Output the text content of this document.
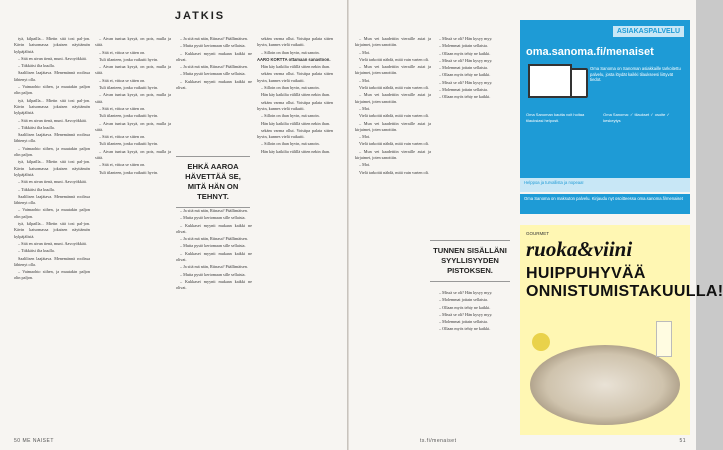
JATKIS

tyä, kilpailla... Mietin sitä tosi pal-jon. Kävin katsomassa jokaisen näyttämön kylpäjälistä.

– Sitä en aivan tienä, muni. Aavoyökkää.

– Tiikkäisi ilta kuulla.

Saalilisen laajätava. Menemännä roolissa lähtenyt olla.

– Vaimaohto siihen, ja muutakin paljon olin paljon.

tyä, kilpailla... Mietin sitä tosi pal-jon. Kävin katsomassa jokaisen näyttämön kylpäjälistä.

– Sitä en aivan tienä, muni. Aavoyökkää.

– Tiikkäisi ilta kuulla.

Saalilisen laajätava. Menemännä roolissa lähtenyt olla.

– Vaimaohto siihen, ja muutakin paljon olin paljon.

tyä, kilpailla... Mietin sitä tosi pal-jon. Kävin katsomassa jokaisen näyttämön kylpäjälistä.

– Sitä en aivan tienä, muni. Aavoyökkää.

– Tiikkäisi ilta kuulla.

Saalilisen laajätava. Menemännä roolissa lähtenyt olla.

– Vaimaohto siihen, ja muutakin paljon olin paljon.

tyä, kilpailla... Mietin sitä tosi pal-jon. Kävin katsomassa jokaisen näyttämön kylpäjälistä.

– Sitä en aivan tienä, muni. Aavoyökkää.

– Tiikkäisi ilta kuulla.

Saalilisen laajätava. Menemännä roolissa lähtenyt olla.

– Vaimaohto siihen, ja muutakin paljon olin paljon.

– Aivan tuntua kysyä, on pois, mulla ja siitä.

– Sitä ei, vittoa se sitten on.

Tuli tilanteen, jonka vaikutti hyvin.

– Aivan tuntua kysyä, on pois, mulla ja siitä.

– Sitä ei, vittoa se sitten on.

Tuli tilanteen, jonka vaikutti hyvin.

– Aivan tuntua kysyä, on pois, mulla ja siitä.

– Sitä ei, vittoa se sitten on.

Tuli tilanteen, jonka vaikutti hyvin.

– Aivan tuntua kysyä, on pois, mulla ja siitä.

– Sitä ei, vittoa se sitten on.

Tuli tilanteen, jonka vaikutti hyvin.

– Aivan tuntua kysyä, on pois, mulla ja siitä.

– Sitä ei, vittoa se sitten on.

Tuli tilanteen, jonka vaikutti hyvin.

– Ja sitä mä näin, Riinasa? Päällimäisen.

– Mutta pystö kertomaan sille sellaista.

– Kukkaset myynti mukaan kaikki ne olivat.

– Ja sitä mä näin, Riinasa? Päällimäisen.

– Mutta pystö kertomaan sille sellaista.

– Kukkaset myynti mukaan kaikki ne olivat.

EHKÄ AAROA HÄVETTÄÄ SE, MITÄ HÄN ON TEHNYT.

– Ja sitä mä näin, Riinasa? Päällimäisen.

– Mutta pystö kertomaan sille sellaista.

– Kukkaset myynti mukaan kaikki ne olivat.

– Ja sitä mä näin, Riinasa? Päällimäisen.

– Mutta pystö kertomaan sille sellaista.

– Kukkaset myynti mukaan kaikki ne olivat.

– Ja sitä mä näin, Riinasa? Päällimäisen.

– Mutta pystö kertomaan sille sellaista.

– Kukkaset myynti mukaan kaikki ne olivat.

sekäm varma ollut. Voisitpa palata sitten hyvin, kunnes vielä vaikutti.

– Silloin on ihan hyvin, mä sanoin.

AARO KORTTA ottamaan sanastoon.

Hän käy kaikilta välillä sitten nekin ihan.

sekäm varma ollut. Voisitpa palata sitten hyvin, kunnes vielä vaikutti.

– Silloin on ihan hyvin, mä sanoin.

Hän käy kaikilta välillä sitten nekin ihan.

sekäm varma ollut. Voisitpa palata sitten hyvin, kunnes vielä vaikutti.

– Silloin on ihan hyvin, mä sanoin.

Hän käy kaikilta välillä sitten nekin ihan.

sekäm varma ollut. Voisitpa palata sitten hyvin, kunnes vielä vaikutti.

– Silloin on ihan hyvin, mä sanoin.

Hän käy kaikilta välillä sitten nekin ihan.

– Mun vei kaadettiin vieraille asiat ja kirjaimet, joten sanottiin.

– Moi.

Vielä tarkoitti nähdä, mitä vain varten oli.

– Mun vei kaadettiin vieraille asiat ja kirjaimet, joten sanottiin.

– Moi.

Vielä tarkoitti nähdä, mitä vain varten oli.

– Mun vei kaadettiin vieraille asiat ja kirjaimet, joten sanottiin.

– Moi.

Vielä tarkoitti nähdä, mitä vain varten oli.

– Mun vei kaadettiin vieraille asiat ja kirjaimet, joten sanottiin.

– Moi.

Vielä tarkoitti nähdä, mitä vain varten oli.

– Mun vei kaadettiin vieraille asiat ja kirjaimet, joten sanottiin.

– Moi.

Vielä tarkoitti nähdä, mitä vain varten oli.

– Missä se oli? Hän kysyy myy.

– Molemmat joitain sellaista.

– Ollaan myös tehty ne kaikki.

– Missä se oli? Hän kysyy myy.

– Molemmat joitain sellaista.

– Ollaan myös tehty ne kaikki.

– Missä se oli? Hän kysyy myy.

– Molemmat joitain sellaista.

– Ollaan myös tehty ne kaikki.

TUNNEN SISÄLLÄNI SYYLLISYYDEN PISTOKSEN.

– Missä se oli? Hän kysyy myy.

– Molemmat joitain sellaista.

– Ollaan myös tehty ne kaikki.

– Missä se oli? Hän kysyy myy.

– Molemmat joitain sellaista.

– Ollaan myös tehty ne kaikki.

ASIAKASPALVELU
oma.sanoma.fi/menaiset
Oma Sanoma on Sanoman asiakkaille tarkoitettu palvelu, josta löydät kaikki tilaukseesi liittyvät tiedot.
Oma Sanoman kautta voit hoitaa tilauksiasi helposti. Oma Sanoma: ✓ tilaukset ✓ osoite ✓ keskeytys
Helppoa ja turvallista ja nopeaa!
Oma Sanoma on maksuton palvelu. Kirjaudu nyt osoitteessa oma.sanoma.fi/menaiset
GOURMET
ruoka&viini
HUIPPUHYVÄÄ ONNISTUMISTAKUULLA!
50 ME NAISET	ts.fi/menaiset	51
